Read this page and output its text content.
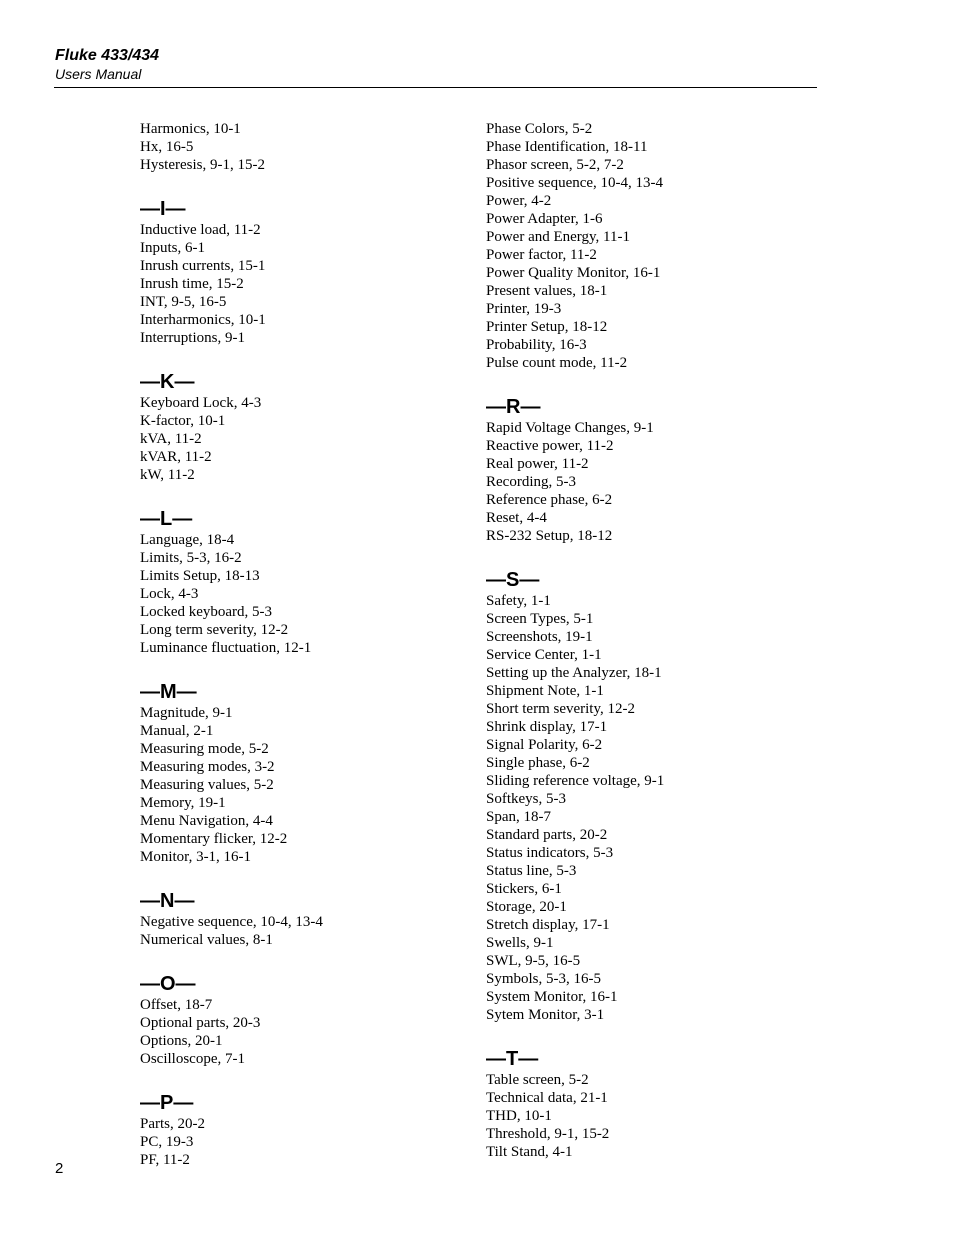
Fluke 433/434
Users Manual
Harmonics, 10-1
Hx, 16-5
Hysteresis, 9-1, 15-2
—I—
Inductive load, 11-2
Inputs, 6-1
Inrush currents, 15-1
Inrush time, 15-2
INT, 9-5, 16-5
Interharmonics, 10-1
Interruptions, 9-1
—K—
Keyboard Lock, 4-3
K-factor, 10-1
kVA, 11-2
kVAR, 11-2
kW, 11-2
—L—
Language, 18-4
Limits, 5-3, 16-2
Limits Setup, 18-13
Lock, 4-3
Locked keyboard, 5-3
Long term severity, 12-2
Luminance fluctuation, 12-1
—M—
Magnitude, 9-1
Manual, 2-1
Measuring mode, 5-2
Measuring modes, 3-2
Measuring values, 5-2
Memory, 19-1
Menu Navigation, 4-4
Momentary flicker, 12-2
Monitor, 3-1, 16-1
—N—
Negative sequence, 10-4, 13-4
Numerical values, 8-1
—O—
Offset, 18-7
Optional parts, 20-3
Options, 20-1
Oscilloscope, 7-1
—P—
Parts, 20-2
PC, 19-3
PF, 11-2
Phase Colors, 5-2
Phase Identification, 18-11
Phasor screen, 5-2, 7-2
Positive sequence, 10-4, 13-4
Power, 4-2
Power Adapter, 1-6
Power and Energy, 11-1
Power factor, 11-2
Power Quality Monitor, 16-1
Present values, 18-1
Printer, 19-3
Printer Setup, 18-12
Probability, 16-3
Pulse count mode, 11-2
—R—
Rapid Voltage Changes, 9-1
Reactive power, 11-2
Real power, 11-2
Recording, 5-3
Reference phase, 6-2
Reset, 4-4
RS-232 Setup, 18-12
—S—
Safety, 1-1
Screen Types, 5-1
Screenshots, 19-1
Service Center, 1-1
Setting up the Analyzer, 18-1
Shipment Note, 1-1
Short term severity, 12-2
Shrink display, 17-1
Signal Polarity, 6-2
Single phase, 6-2
Sliding reference voltage, 9-1
Softkeys, 5-3
Span, 18-7
Standard parts, 20-2
Status indicators, 5-3
Status line, 5-3
Stickers, 6-1
Storage, 20-1
Stretch display, 17-1
Swells, 9-1
SWL, 9-5, 16-5
Symbols, 5-3, 16-5
System Monitor, 16-1
Sytem Monitor, 3-1
—T—
Table screen, 5-2
Technical data, 21-1
THD, 10-1
Threshold, 9-1, 15-2
Tilt Stand, 4-1
2
